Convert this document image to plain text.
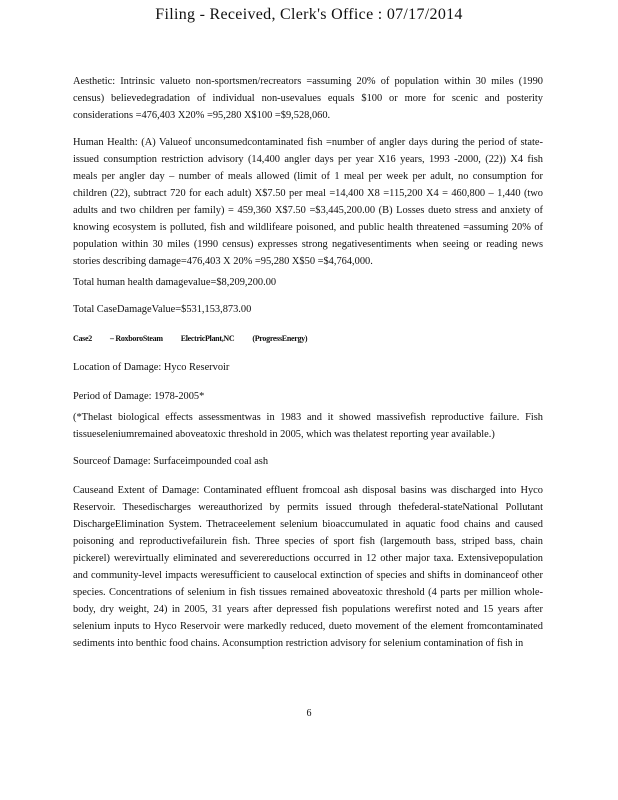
Filing - Received, Clerk's Office : 07/17/2014

Aesthetic: Intrinsic valueto non-sportsmen/recreators =assuming 20% of population within 30 miles (1990 census) believedegradation of individual non-usevalues equals $100 or more for scenic and posterity considerations =476,403 X20% =95,280 X$100 =$9,528,060.

Human Health: (A) Valueof unconsumedcontaminated fish =number of angler days during the period of state-issued consumption restriction advisory (14,400 angler days per year X16 years, 1993 -2000, (22)) X4 fish meals per angler day – number of meals allowed (limit of 1 meal per week per adult, no consumption for children (22), subtract 720 for each adult) X$7.50 per meal =14,400 X8 =115,200 X4 = 460,800 – 1,440 (two adults and two children per family) = 459,360 X$7.50 =$3,445,200.00 (B) Losses dueto stress and anxiety of knowing ecosystem is polluted, fish and wildlifeare poisoned, and public health threatened =assuming 20% of population within 30 miles (1990 census) expresses strong negativesentiments when seeing or reading news stories describing damage=476,403 X 20% =95,280 X$50 =$4,764,000.

Total human health damagevalue=$8,209,200.00

Total CaseDamageValue=$531,153,873.00

Case2 – RoxboroSteam ElectricPlant,NC (ProgressEnergy)

Location of Damage: Hyco Reservoir

Period of Damage: 1978-2005*

(*Thelast biological effects assessmentwas in 1983 and it showed massivefish reproductive failure. Fish tissueseleniumremained aboveatoxic threshold in 2005, which was thelatest reporting year available.)

Sourceof Damage: Surfaceimpounded coal ash

Causeand Extent of Damage: Contaminated effluent fromcoal ash disposal basins was discharged into Hyco Reservoir. Thesedischarges wereauthorized by permits issued through thefederal-stateNational Pollutant DischargeElimination System. Thetraceelement selenium bioaccumulated in aquatic food chains and caused poisoning and reproductivefailurein fish. Three species of sport fish (largemouth bass, striped bass, chain pickerel) werevirtually eliminated and severereductions occurred in 12 other major taxa. Extensivepopulation and community-level impacts weresufficient to causelocal extinction of species and shifts in dominanceof other species. Concentrations of selenium in fish tissues remained aboveatoxic threshold (4 parts per million whole-body, dry weight, 24) in 2005, 31 years after depressed fish populations werefirst noted and 15 years after selenium inputs to Hyco Reservoir were markedly reduced, dueto movement of the element fromcontaminated sediments into benthic food chains. Aconsumption restriction advisory for selenium contamination of fish in

6
